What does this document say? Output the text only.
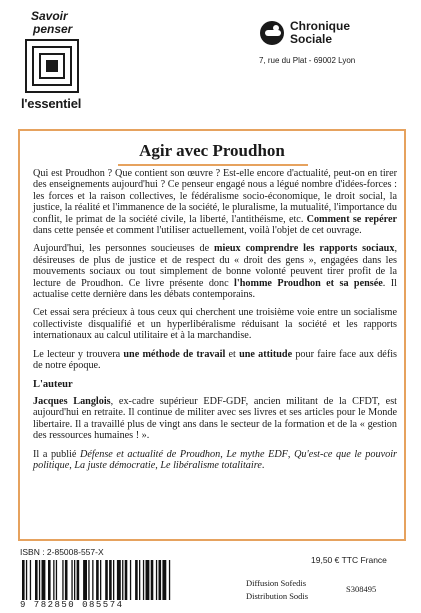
Savoir
penser
l'essentiel
Chronique
Sociale
7, rue du Plat - 69002 Lyon
Agir avec Proudhon

Qui est Proudhon ? Que contient son œuvre ? Est-elle encore d'actualité, peut-on en tirer des enseignements aujourd'hui ? Ce penseur engagé nous a légué nombre d'idées-forces : les forces et la raison collectives, le fédéralisme socio-économique, le droit social, la justice, la réalité et l'immanence de la société, le pluralisme, la mutualité, l'importance du conflit, le primat de la société civile, la liberté, l'antithéisme, etc. Comment se repérer dans cette pensée et comment l'utiliser actuellement, voilà l'objet de cet ouvrage.

Aujourd'hui, les personnes soucieuses de mieux comprendre les rapports sociaux, désireuses de plus de justice et de respect du « droit des gens », engagées dans les mouvements sociaux ou tout simplement de bonne volonté peuvent tirer profit de la lecture de Proudhon. Ce livre présente donc l'homme Proudhon et sa pensée. Il actualise cette dernière dans les débats contemporains.

Cet essai sera précieux à tous ceux qui cherchent une troisième voie entre un socialisme collectiviste disqualifié et un hyperlibéralisme réduisant la société et les rapports internationaux au calcul utilitaire et à la marchandise.

Le lecteur y trouvera une méthode de travail et une attitude pour faire face aux défis de notre époque.

L'auteur

Jacques Langlois, ex-cadre supérieur EDF-GDF, ancien militant de la CFDT, est aujourd'hui en retraite. Il continue de militer avec ses livres et ses articles pour le Monde libertaire. Il a travaillé plus de vingt ans dans le secteur de la formation et de la « gestion des ressources humaines ! ».

Il a publié Défense et actualité de Proudhon, Le mythe EDF, Qu'est-ce que le pouvoir politique, La juste démocratie, Le libéralisme totalitaire.

ISBN : 2-85008-557-X
9 782850 085574
19,50 € TTC France
Diffusion Sofedis
Distribution Sodis
S308495
